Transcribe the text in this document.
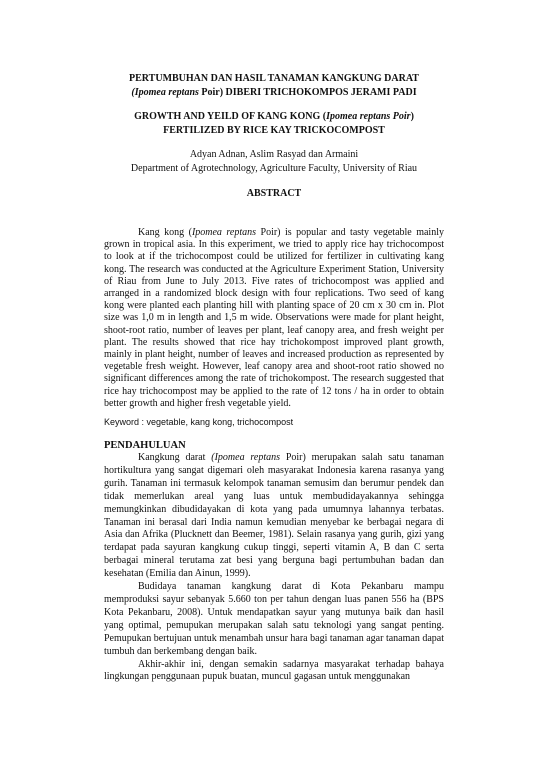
PERTUMBUHAN DAN HASIL TANAMAN KANGKUNG DARAT
(Ipomea reptans Poir) DIBERI TRICHOKOMPOS JERAMI PADI

GROWTH AND YEILD OF KANG KONG (Ipomea reptans Poir)
FERTILIZED BY RICE KAY TRICKOCOMPOST

Adyan Adnan, Aslim Rasyad dan Armaini

Department of Agrotechnology, Agriculture Faculty, University of Riau

ABSTRACT

Kang kong (Ipomea reptans Poir) is popular and tasty vegetable mainly grown in tropical asia. In this experiment, we tried to apply rice hay trichocompost to look at if the trichocompost could be utilized for fertilizer in cultivating kang kong. The research was conducted at the Agriculture Experiment Station, University of Riau from June to July 2013. Five rates of trichocompost was applied and arranged in a randomized block design with four replications. Two seed of kang kong were planted each planting hill with planting space of 20 cm x 30 cm in. Plot size was 1,0 m in length and 1,5 m wide. Observations were made for plant height, shoot-root ratio, number of leaves per plant, leaf canopy area, and fresh weight per plant. The results showed that rice hay trichokompost improved plant growth, mainly in plant height, number of leaves and increased production as represented by vegetable fresh weight. However, leaf canopy area and shoot-root ratio showed no significant differences among the rate of trichokompost. The research suggested that rice hay trichocompost may be applied to the rate of 12 tons / ha in order to obtain better growth and higher fresh vegetable yield.

Keyword : vegetable, kang kong, trichocompost

PENDAHULUAN

Kangkung darat (Ipomea reptans Poir) merupakan salah satu tanaman hortikultura yang sangat digemari oleh masyarakat Indonesia karena rasanya yang gurih. Tanaman ini termasuk kelompok tanaman semusim dan berumur pendek dan tidak memerlukan areal yang luas untuk membudidayakannya sehingga memungkinkan dibudidayakan di kota yang pada umumnya lahannya terbatas. Tanaman ini berasal dari India namun kemudian menyebar ke berbagai negara di Asia dan Afrika (Plucknett dan Beemer, 1981). Selain rasanya yang gurih, gizi yang terdapat pada sayuran kangkung cukup tinggi, seperti vitamin A, B dan C serta berbagai mineral terutama zat besi yang berguna bagi pertumbuhan badan dan kesehatan (Emilia dan Ainun, 1999).

Budidaya tanaman kangkung darat di Kota Pekanbaru mampu memproduksi sayur sebanyak 5.660 ton per tahun dengan luas panen 556 ha (BPS Kota Pekanbaru, 2008). Untuk mendapatkan sayur yang mutunya baik dan hasil yang optimal, pemupukan merupakan salah satu teknologi yang sangat penting. Pemupukan bertujuan untuk menambah unsur hara bagi tanaman agar tanaman dapat tumbuh dan berkembang dengan baik.

Akhir-akhir ini, dengan semakin sadarnya masyarakat terhadap bahaya lingkungan penggunaan pupuk buatan, muncul gagasan untuk menggunakan
